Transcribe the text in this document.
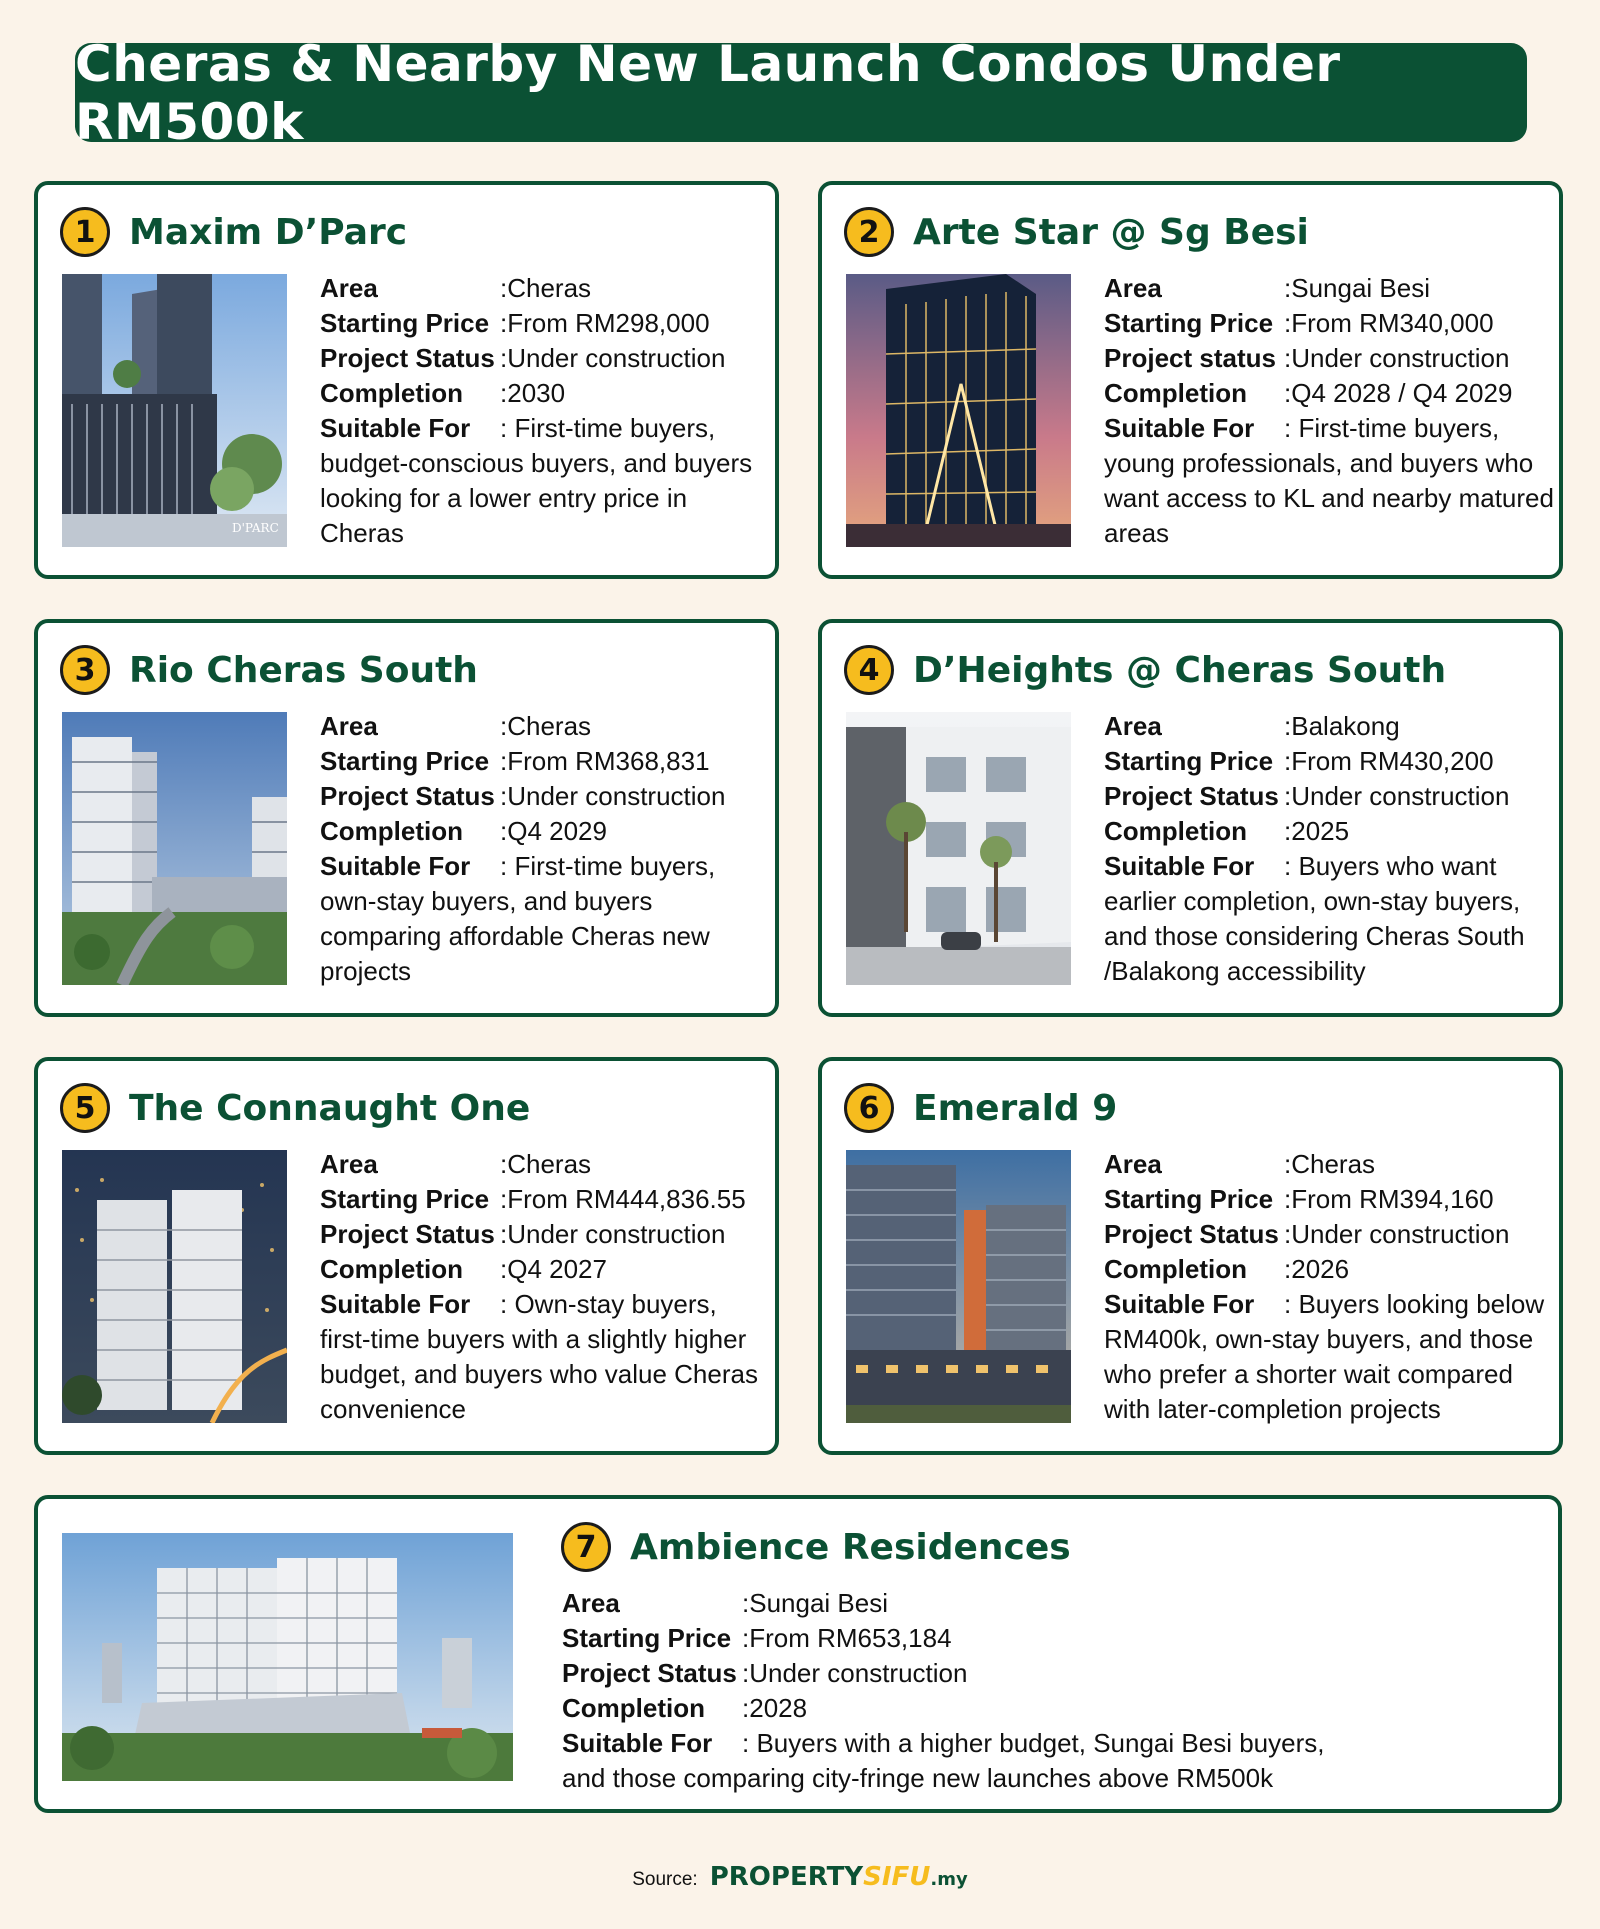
Cheras & Nearby New Launch Condos Under RM500k
1 Maxim D’Parc
D'PARC
Area	: Cheras
Starting Price : From RM298,000
Project Status : Under construction
Completion	: 2030
Suitable For : First-time buyers, budget-conscious buyers, and buyers looking for a lower entry price in Cheras
2 Arte Star @ Sg Besi
Area	: Sungai Besi
Starting Price : From RM340,000
Project status : Under construction
Completion	: Q4 2028 / Q4 2029
Suitable For : First-time buyers, young professionals, and buyers who want access to KL and nearby matured areas
3 Rio Cheras South
Area	: Cheras
Starting Price : From RM368,831
Project Status : Under construction
Completion	: Q4 2029
Suitable For : First-time buyers, own-stay buyers, and buyers comparing affordable Cheras new projects
4 D’Heights @ Cheras South
Area	: Balakong
Starting Price : From RM430,200
Project Status : Under construction
Completion	: 2025
Suitable For : Buyers who want earlier completion, own-stay buyers, and those considering Cheras South /Balakong accessibility
5 The Connaught One
Area	: Cheras
Starting Price : From RM444,836.55
Project Status : Under construction
Completion	: Q4 2027
Suitable For : Own-stay buyers, first-time buyers with a slightly higher budget, and buyers who value Cheras convenience
6 Emerald 9
Area	: Cheras
Starting Price : From RM394,160
Project Status : Under construction
Completion	: 2026
Suitable For : Buyers looking below RM400k, own-stay buyers, and those who prefer a shorter wait compared with later-completion projects
7 Ambience Residences
Area	: Sungai Besi
Starting Price : From RM653,184
Project Status : Under construction
Completion	: 2028
Suitable For : Buyers with a higher budget, Sungai Besi buyers, and those comparing city-fringe new launches above RM500k
Source: PROPERTYSIFU.my
